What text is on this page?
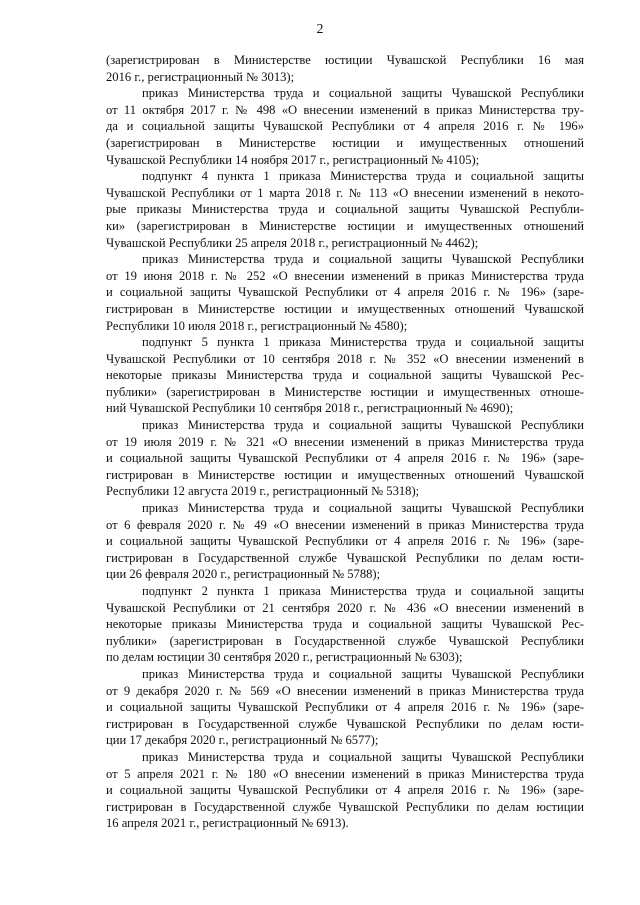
2
(зарегистрирован в Министерстве юстиции Чувашской Республики 16 мая
2016 г., регистрационный № 3013);
приказ Министерства труда и социальной защиты Чувашской Республики
от 11 октября 2017 г. № 498 «О внесении изменений в приказ Министерства тру-
да и социальной защиты Чувашской Республики от 4 апреля 2016 г. № 196»
(зарегистрирован в Министерстве юстиции и имущественных отношений
Чувашской Республики 14 ноября 2017 г., регистрационный № 4105);
подпункт 4 пункта 1 приказа Министерства труда и социальной защиты
Чувашской Республики от 1 марта 2018 г. № 113 «О внесении изменений в некото-
рые приказы Министерства труда и социальной защиты Чувашской Республи-
ки» (зарегистрирован в Министерстве юстиции и имущественных отношений
Чувашской Республики 25 апреля 2018 г., регистрационный № 4462);
приказ Министерства труда и социальной защиты Чувашской Республики
от 19 июня 2018 г. № 252 «О внесении изменений в приказ Министерства труда
и социальной защиты Чувашской Республики от 4 апреля 2016 г. № 196» (заре-
гистрирован в Министерстве юстиции и имущественных отношений Чувашской
Республики 10 июля 2018 г., регистрационный № 4580);
подпункт 5 пункта 1 приказа Министерства труда и социальной защиты
Чувашской Республики от 10 сентября 2018 г. № 352 «О внесении изменений в
некоторые приказы Министерства труда и социальной защиты Чувашской Рес-
публики» (зарегистрирован в Министерстве юстиции и имущественных отноше-
ний Чувашской Республики 10 сентября 2018 г., регистрационный № 4690);
приказ Министерства труда и социальной защиты Чувашской Республики
от 19 июля 2019 г. № 321 «О внесении изменений в приказ Министерства труда
и социальной защиты Чувашской Республики от 4 апреля 2016 г. № 196» (заре-
гистрирован в Министерстве юстиции и имущественных отношений Чувашской
Республики 12 августа 2019 г., регистрационный № 5318);
приказ Министерства труда и социальной защиты Чувашской Республики
от 6 февраля 2020 г. № 49 «О внесении изменений в приказ Министерства труда
и социальной защиты Чувашской Республики от 4 апреля 2016 г. № 196» (заре-
гистрирован в Государственной службе Чувашской Республики по делам юсти-
ции 26 февраля 2020 г., регистрационный № 5788);
подпункт 2 пункта 1 приказа Министерства труда и социальной защиты
Чувашской Республики от 21 сентября 2020 г. № 436 «О внесении изменений в
некоторые приказы Министерства труда и социальной защиты Чувашской Рес-
публики» (зарегистрирован в Государственной службе Чувашской Республики
по делам юстиции 30 сентября 2020 г., регистрационный № 6303);
приказ Министерства труда и социальной защиты Чувашской Республики
от 9 декабря 2020 г. № 569 «О внесении изменений в приказ Министерства труда
и социальной защиты Чувашской Республики от 4 апреля 2016 г. № 196» (заре-
гистрирован в Государственной службе Чувашской Республики по делам юсти-
ции 17 декабря 2020 г., регистрационный № 6577);
приказ Министерства труда и социальной защиты Чувашской Республики
от 5 апреля 2021 г. № 180 «О внесении изменений в приказ Министерства труда
и социальной защиты Чувашской Республики от 4 апреля 2016 г. № 196» (заре-
гистрирован в Государственной службе Чувашской Республики по делам юстиции
16 апреля 2021 г., регистрационный № 6913).
